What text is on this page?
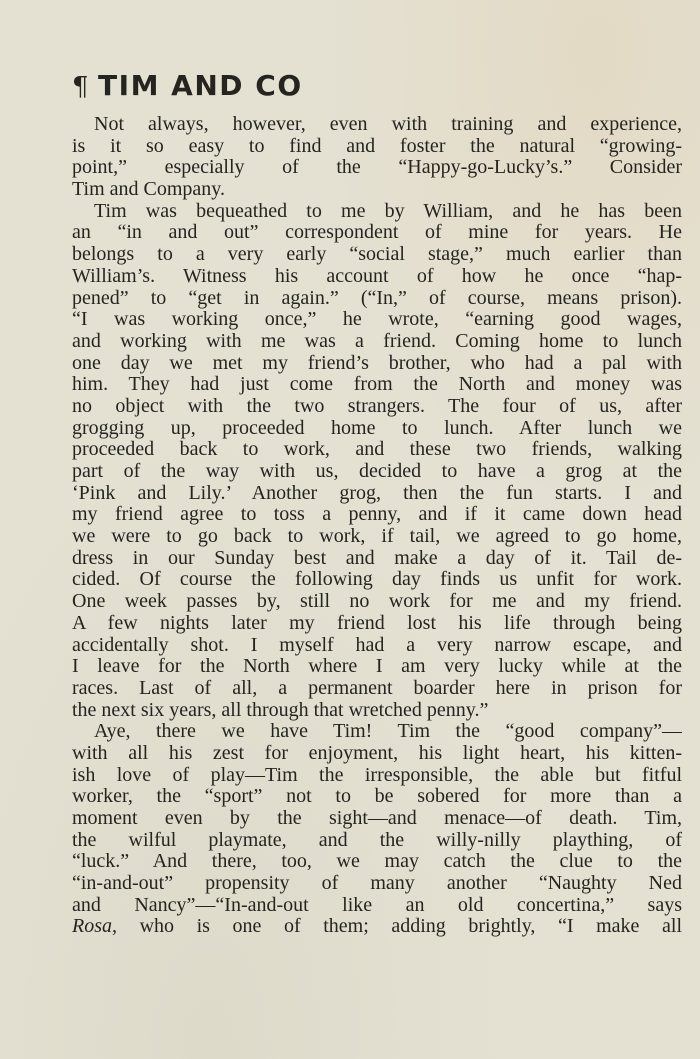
¶ TIM AND CO
Not always, however, even with training and experience,
is it so easy to find and foster the natural “growing-
point,” especially of the “Happy-go-Lucky’s.” Consider
Tim and Company.
Tim was bequeathed to me by William, and he has been
an “in and out” correspondent of mine for years. He
belongs to a very early “social stage,” much earlier than
William’s. Witness his account of how he once “hap-
pened” to “get in again.” (“In,” of course, means prison).
“I was working once,” he wrote, “earning good wages,
and working with me was a friend. Coming home to lunch
one day we met my friend’s brother, who had a pal with
him. They had just come from the North and money was
no object with the two strangers. The four of us, after
grogging up, proceeded home to lunch. After lunch we
proceeded back to work, and these two friends, walking
part of the way with us, decided to have a grog at the
‘Pink and Lily.’ Another grog, then the fun starts. I and
my friend agree to toss a penny, and if it came down head
we were to go back to work, if tail, we agreed to go home,
dress in our Sunday best and make a day of it. Tail de-
cided. Of course the following day finds us unfit for work.
One week passes by, still no work for me and my friend.
A few nights later my friend lost his life through being
accidentally shot. I myself had a very narrow escape, and
I leave for the North where I am very lucky while at the
races. Last of all, a permanent boarder here in prison for
the next six years, all through that wretched penny.”
Aye, there we have Tim! Tim the “good company”—
with all his zest for enjoyment, his light heart, his kitten-
ish love of play—Tim the irresponsible, the able but fitful
worker, the “sport” not to be sobered for more than a
moment even by the sight—and menace—of death. Tim,
the wilful playmate, and the willy-nilly plaything, of
“luck.” And there, too, we may catch the clue to the
“in-and-out” propensity of many another “Naughty Ned
and Nancy”—“In-and-out like an old concertina,” says
Rosa, who is one of them; adding brightly, “I make all
